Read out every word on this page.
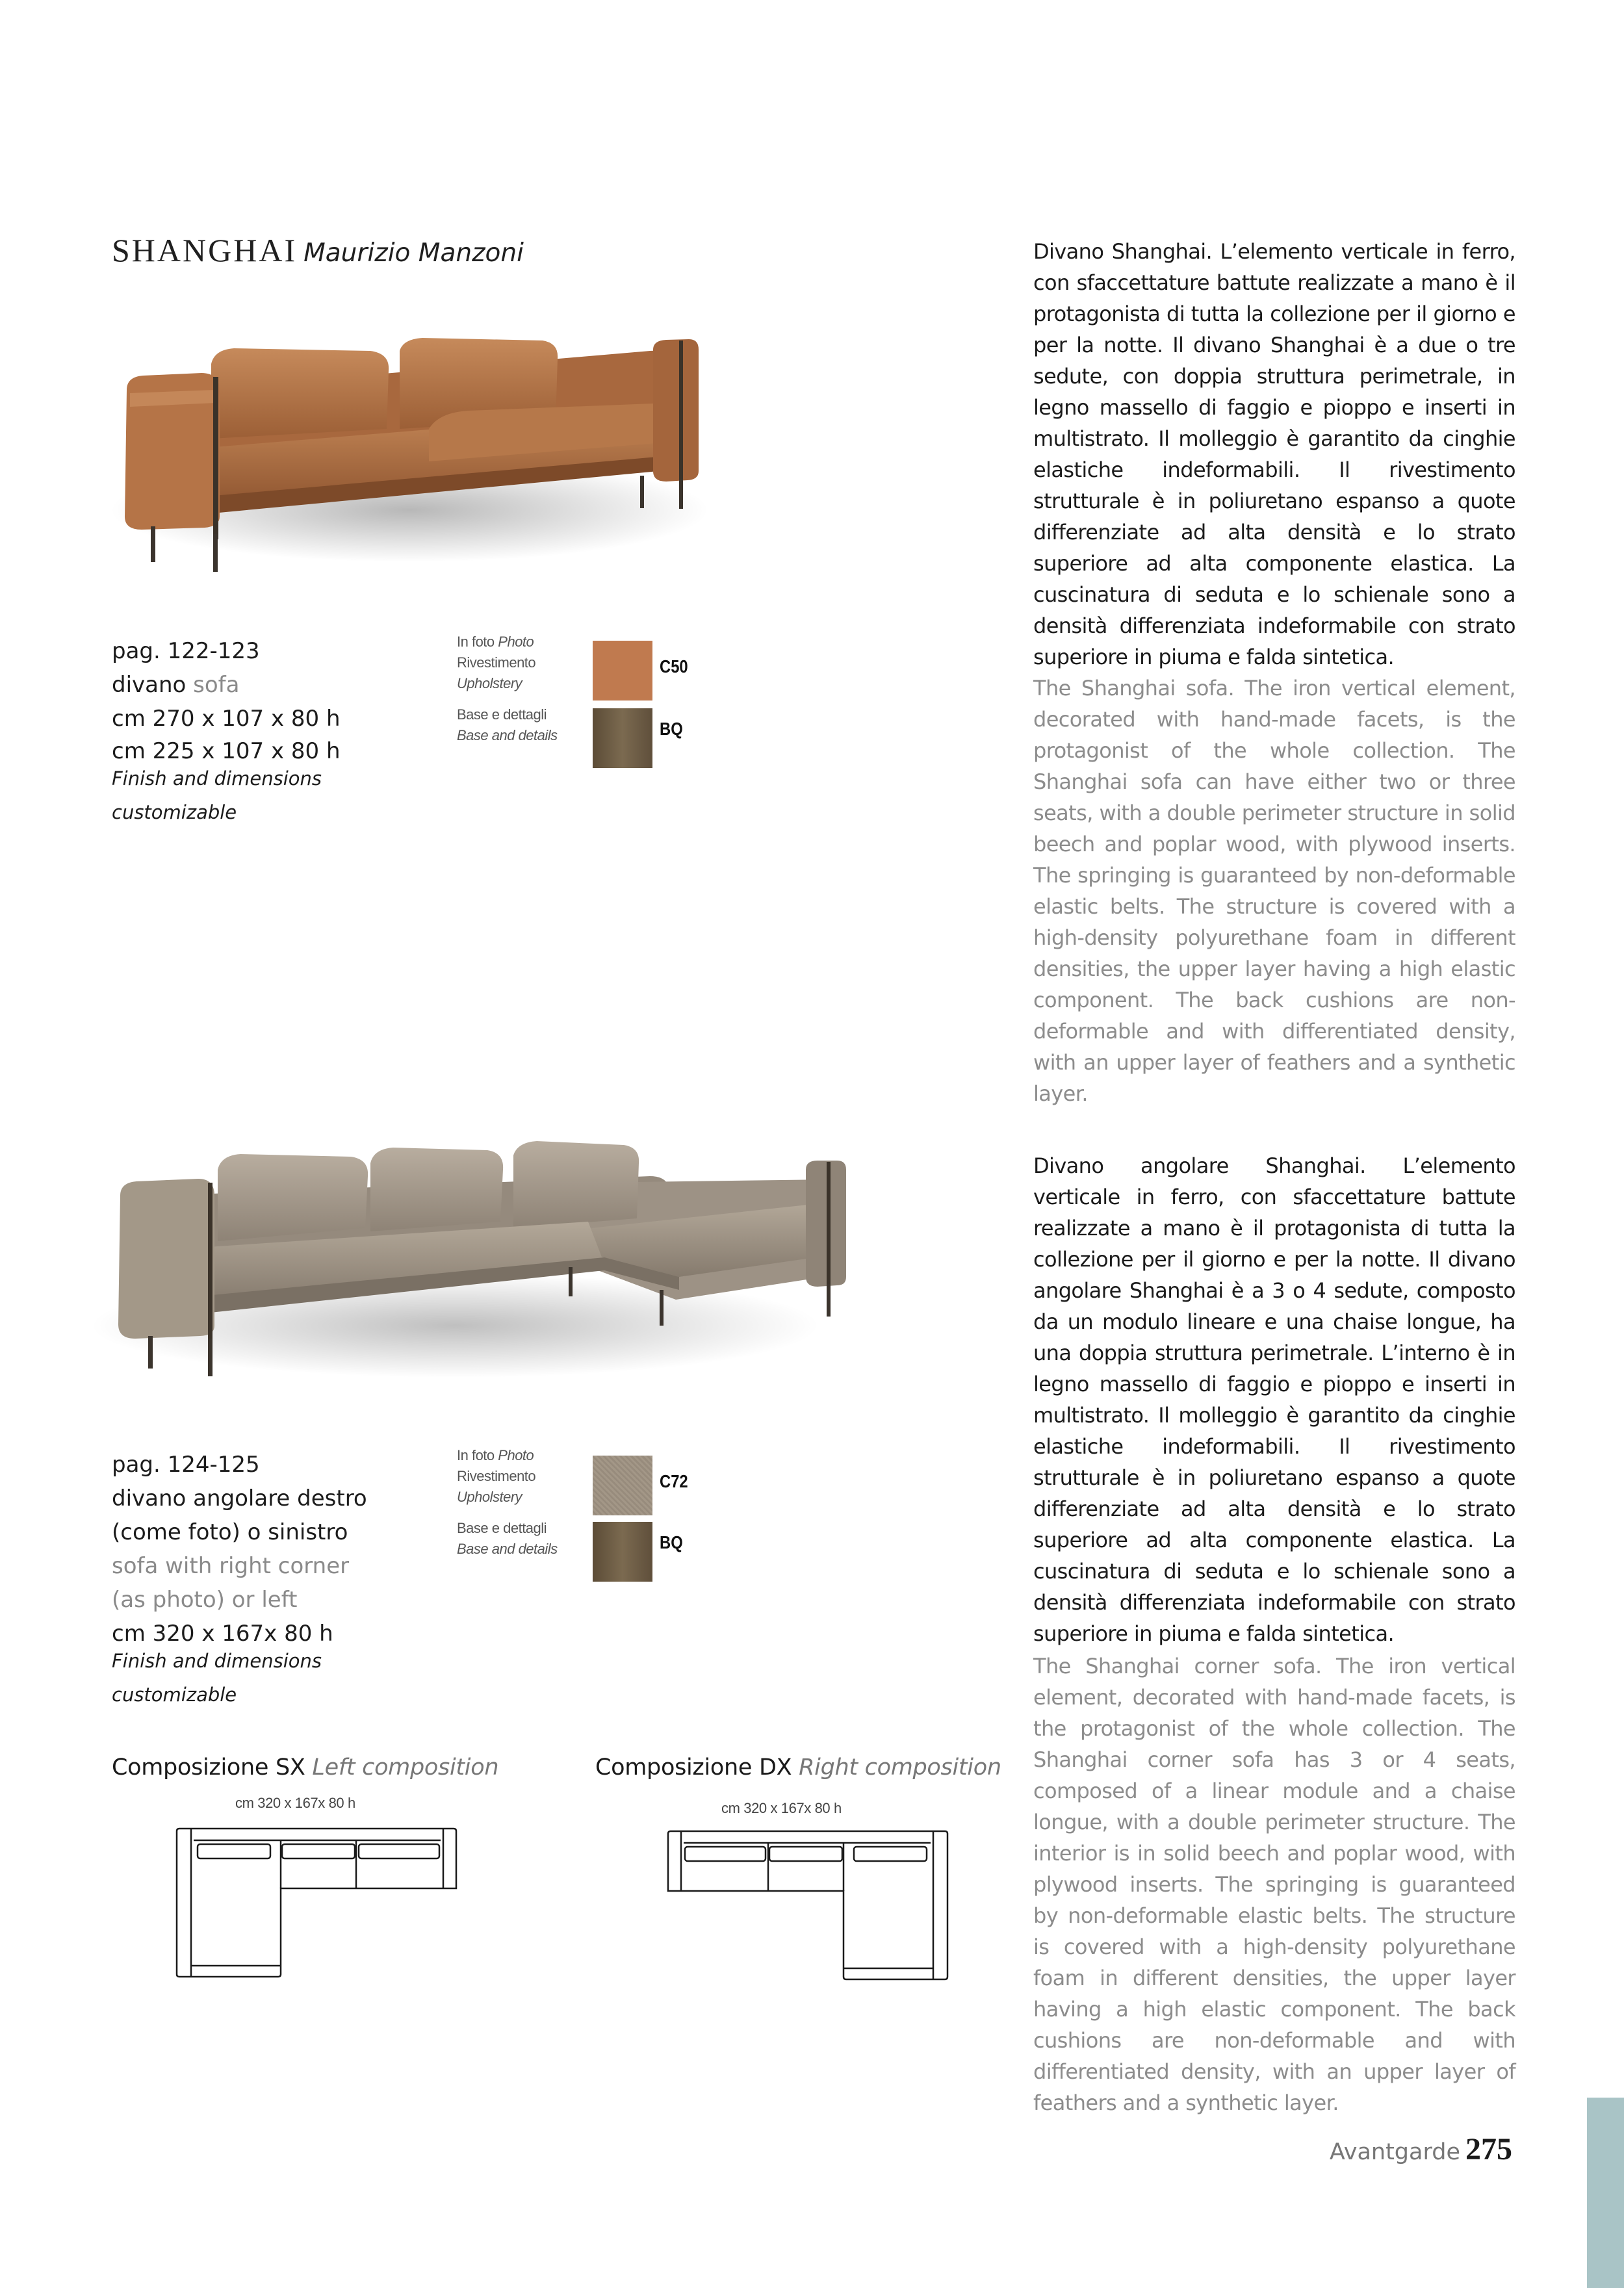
SHANGHAI Maurizio Manzoni
pag. 122-123
divano sofa
cm 270 x 107 x 80 h
cm 225 x 107 x 80 h
Finish and dimensions
customizable
In foto Photo
Rivestimento
Upholstery
Base e dettagli
Base and details
C50
BQ
Divano Shanghai. L’elemento verticale in ferro, con sfaccettature battute realizzate a mano è il protagonista di tutta la collezione per il giorno e per la notte. Il divano Shanghai è a due o tre sedute, con doppia struttura perimetrale, in legno massello di faggio e pioppo e inserti in multistrato. Il molleggio è garantito da cinghie elastiche indeformabili. Il rivestimento strutturale è in poliuretano espanso a quote differenziate ad alta densità e lo strato superiore ad alta componente elastica. La cuscinatura di seduta e lo schienale sono a densità differenziata indeformabile con strato superiore in piuma e falda sintetica.
The Shanghai sofa. The iron vertical element, decorated with hand-made facets, is the protagonist of the whole collection. The Shanghai sofa can have either two or three seats, with a double perimeter structure in solid beech and poplar wood, with plywood inserts. The springing is guaranteed by non-deformable elastic belts. The structure is covered with a high-density polyurethane foam in different densities, the upper layer having a high elastic component. The back cushions are non-deformable and with differentiated density, with an upper layer of feathers and a synthetic layer.
pag. 124-125
divano angolare destro
(come foto) o sinistro
sofa with right corner
(as photo) or left
cm 320 x 167x 80 h
Finish and dimensions
customizable
In foto Photo
Rivestimento
Upholstery
Base e dettagli
Base and details
C72
BQ
Divano angolare Shanghai. L’elemento verticale in ferro, con sfaccettature battute realizzate a mano è il protagonista di tutta la collezione per il giorno e per la notte. Il divano angolare Shanghai è a 3 o 4 sedute, composto da un modulo lineare e una chaise longue, ha una doppia struttura perimetrale. L’interno è in legno massello di faggio e pioppo e inserti in multistrato. Il molleggio è garantito da cinghie elastiche indeformabili. Il rivestimento strutturale è in poliuretano espanso a quote differenziate ad alta densità e lo strato superiore ad alta componente elastica. La cuscinatura di seduta e lo schienale sono a densità differenziata indeformabile con strato superiore in piuma e falda sintetica.
The Shanghai corner sofa. The iron vertical element, decorated with hand-made facets, is the protagonist of the whole collection. The Shanghai corner sofa has 3 or 4 seats, composed of a linear module and a chaise longue, with a double perimeter structure. The interior is in solid beech and poplar wood, with plywood inserts. The springing is guaranteed by non-deformable elastic belts. The structure is covered with a high-density polyurethane foam in different densities, the upper layer having a high elastic component. The back cushions are non-deformable and with differentiated density, with an upper layer of feathers and a synthetic layer.
Composizione SX Left composition
cm 320 x 167x 80 h
Composizione DX Right composition
cm 320 x 167x 80 h
Avantgarde 275
